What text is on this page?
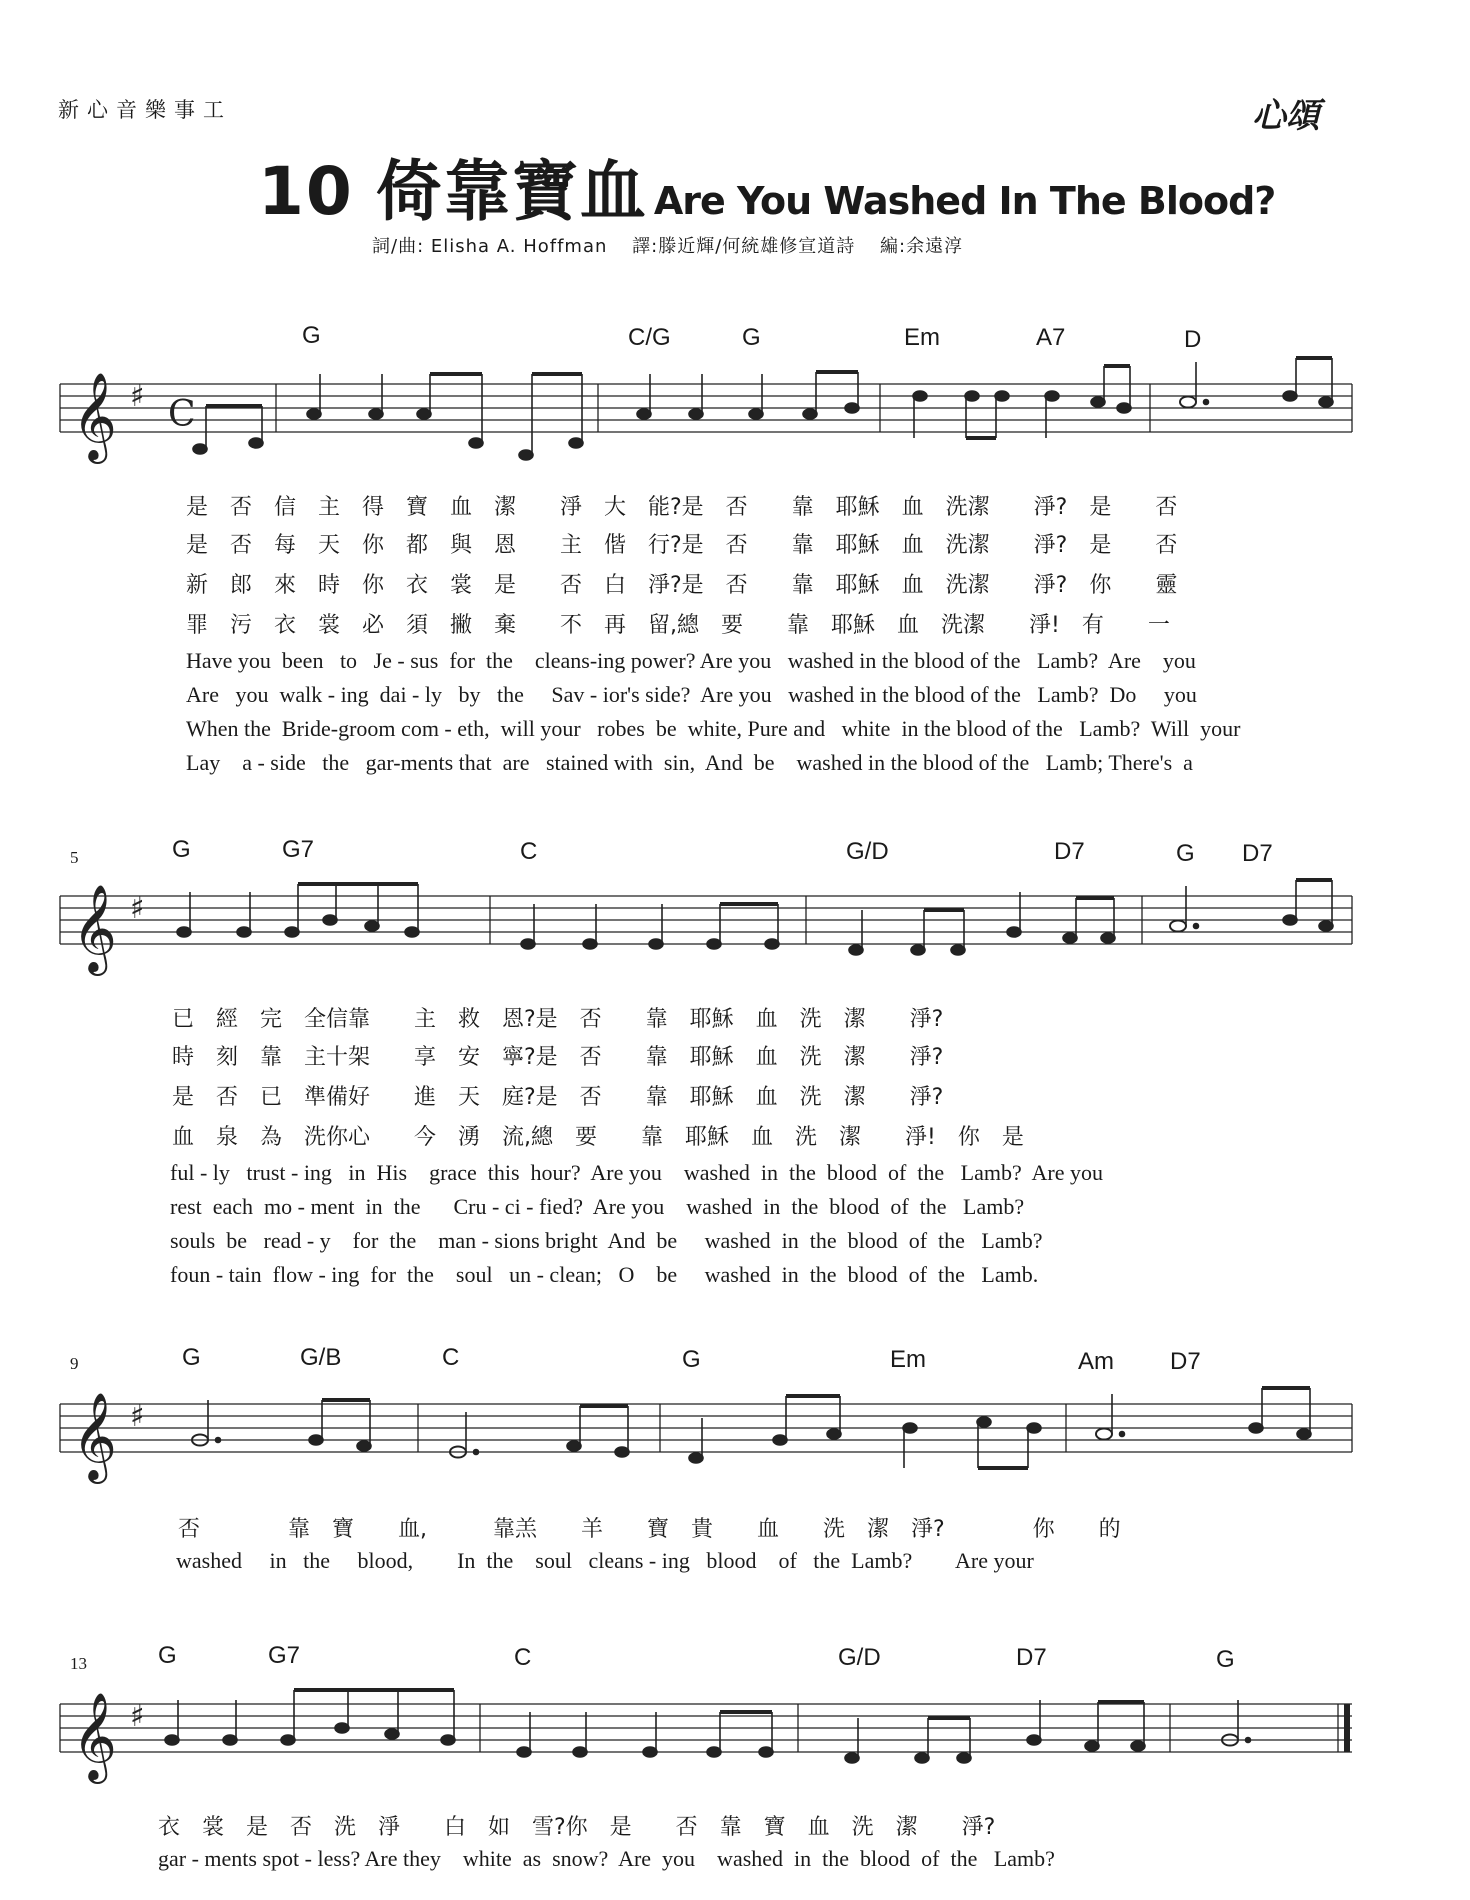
新心音樂事工	心頌
10 倚靠寶血 Are You Washed In The Blood?
詞/曲: Elisha A. Hoffman 譯:滕近輝/何統雄修宣道詩 編:余遠淳
G	C/G	G	Em	A7	D
𝄞 ♯ C
是　否　信　主　得　寶　血　潔　　淨　大　能?是　否　　靠　耶穌　血　洗潔　　淨?　是　　否
是　否　每　天　你　都　與　恩　　主　偕　行?是　否　　靠　耶穌　血　洗潔　　淨?　是　　否
新　郎　來　時　你　衣　裳　是　　否　白　淨?是　否　　靠　耶穌　血　洗潔　　淨?　你　　靈
罪　污　衣　裳　必　須　撇　棄　　不　再　留,總　要　　靠　耶穌　血　洗潔　　淨!　有　　一
Have you  been   to   Je - sus  for  the    cleans-ing power? Are you   washed in the blood of the   Lamb?  Are    you
Are   you  walk - ing  dai - ly   by   the     Sav - ior's side?  Are you   washed in the blood of the   Lamb?  Do     you
When the  Bride-groom com - eth,  will your   robes  be  white, Pure and   white  in the blood of the   Lamb?  Will  your
Lay    a - side   the   gar-ments that  are   stained with  sin,  And  be    washed in the blood of the   Lamb; There's  a
5	G	G7	C	G/D	D7	G D7
𝄞 ♯
已　經　完　全信靠　　主　救　恩?是　否　　靠　耶穌　血　洗　潔　　淨?
時　刻　靠　主十架　　享　安　寧?是　否　　靠　耶穌　血　洗　潔　　淨?
是　否　已　準備好　　進　天　庭?是　否　　靠　耶穌　血　洗　潔　　淨?
血　泉　為　洗你心　　今　湧　流,總　要　　靠　耶穌　血　洗　潔　　淨!　你　是
ful - ly   trust - ing   in  His    grace  this  hour?  Are you    washed  in  the  blood  of  the   Lamb?  Are you
rest  each  mo - ment  in  the      Cru - ci - fied?  Are you    washed  in  the  blood  of  the   Lamb?
souls  be   read - y    for  the    man - sions bright  And  be     washed  in  the  blood  of  the   Lamb?
foun - tain  flow - ing  for  the    soul   un - clean;   O    be     washed  in  the  blood  of  the   Lamb.
9	G	G/B	C	G	Em	Am D7
𝄞 ♯
否　　　　靠　寶　　血,　　　靠羔　　羊　　寶　貴　　血　　洗　潔　淨?　　　　你　　的
washed     in   the     blood,        In  the    soul   cleans - ing   blood    of   the  Lamb?        Are your
13	G	G7	C	G/D	D7	G
𝄞 ♯
衣　裳　是　否　洗　淨　　白　如　雪?你　是　　否　靠　寶　血　洗　潔　　淨?
gar - ments spot - less? Are they    white  as  snow?  Are  you    washed  in  the  blood  of  the   Lamb?
